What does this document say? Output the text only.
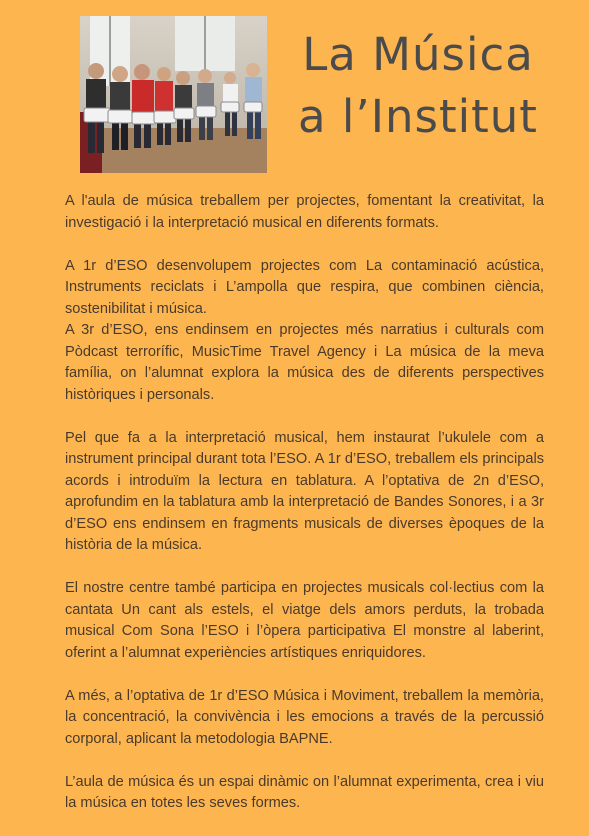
La Música
a l’Institut

A l'aula de música treballem per projectes, fomentant la creativitat, la investigació i la interpretació musical en diferents formats.

A 1r d’ESO desenvolupem projectes com La contaminació acústica, Instruments reciclats i L’ampolla que respira, que combinen ciència, sostenibilitat i música.

A 3r d’ESO, ens endinsem en projectes més narratius i culturals com Pòdcast terrorífic, MusicTime Travel Agency i La música de la meva família, on l’alumnat explora la música des de diferents perspectives històriques i personals.

Pel que fa a la interpretació musical, hem instaurat l’ukulele com a instrument principal durant tota l’ESO. A 1r d’ESO, treballem els principals acords i introduïm la lectura en tablatura. A l’optativa de 2n d’ESO, aprofundim en la tablatura amb la interpretació de Bandes Sonores, i a 3r d’ESO ens endinsem en fragments musicals de diverses èpoques de la història de la música.

El nostre centre també participa en projectes musicals col·lectius com la cantata Un cant als estels, el viatge dels amors perduts, la trobada musical Com Sona l’ESO i l’òpera participativa El monstre al laberint, oferint a l’alumnat experiències artístiques enriquidores.

A més, a l’optativa de 1r d’ESO Música i Moviment, treballem la memòria, la concentració, la convivència i les emocions a través de la percussió corporal, aplicant la metodologia BAPNE.

L’aula de música és un espai dinàmic on l’alumnat experimenta, crea i viu la música en totes les seves formes.
